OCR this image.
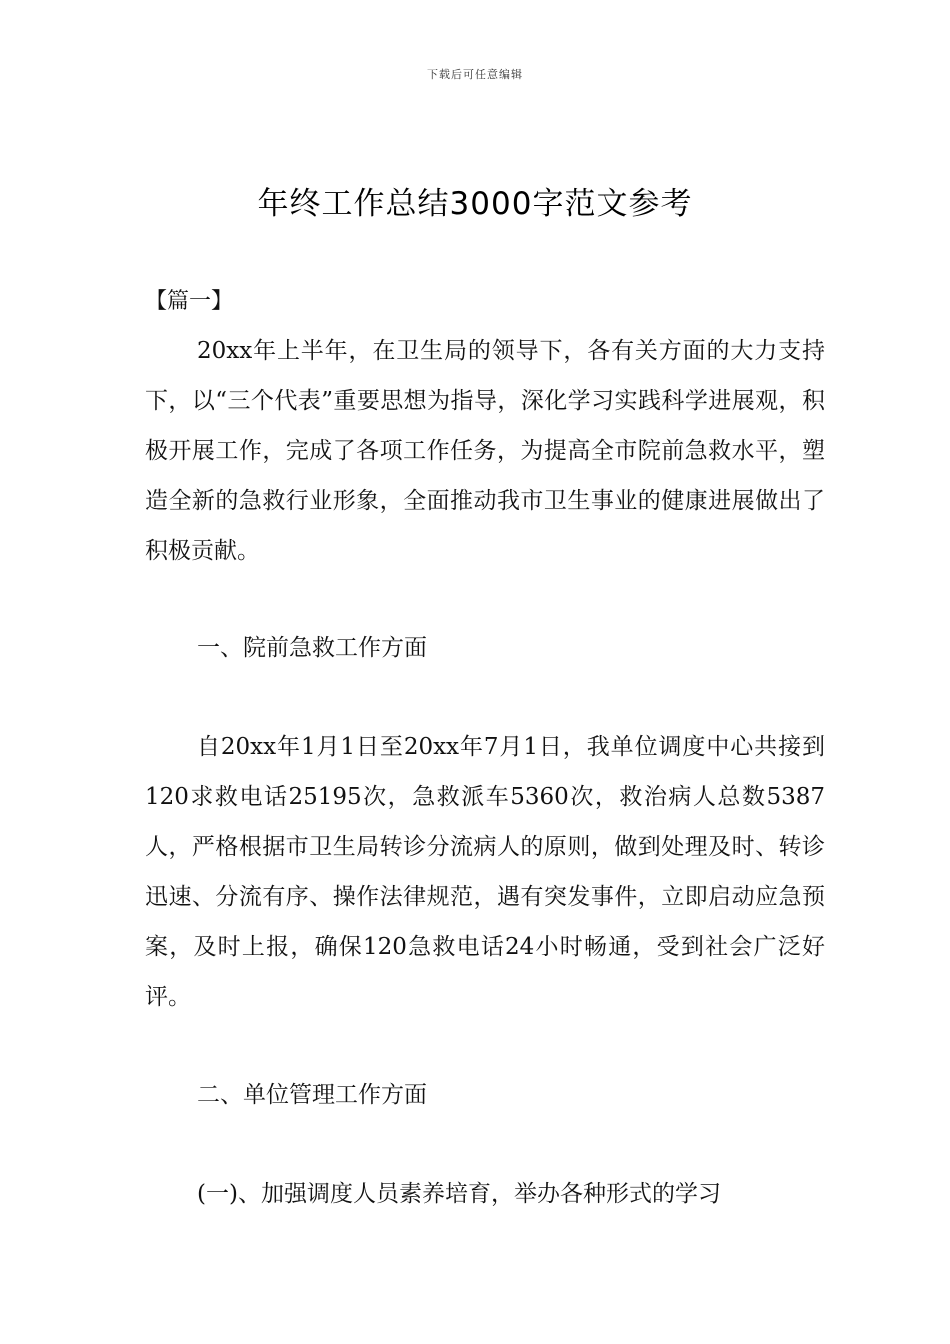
下载后可任意编辑
年终工作总结3000字范文参考
【篇一】

20xx年上半年，在卫生局的领导下，各有关方面的大力支持下，以“三个代表”重要思想为指导，深化学习实践科学进展观，积极开展工作，完成了各项工作任务，为提高全市院前急救水平，塑造全新的急救行业形象，全面推动我市卫生事业的健康进展做出了积极贡献。

一、院前急救工作方面

自20xx年1月1日至20xx年7月1日，我单位调度中心共接到120求救电话25195次，急救派车5360次，救治病人总数5387人，严格根据市卫生局转诊分流病人的原则，做到处理及时、转诊迅速、分流有序、操作法律规范，遇有突发事件，立即启动应急预案，及时上报，确保120急救电话24小时畅通，受到社会广泛好评。

二、单位管理工作方面

(一)、加强调度人员素养培育，举办各种形式的学习
